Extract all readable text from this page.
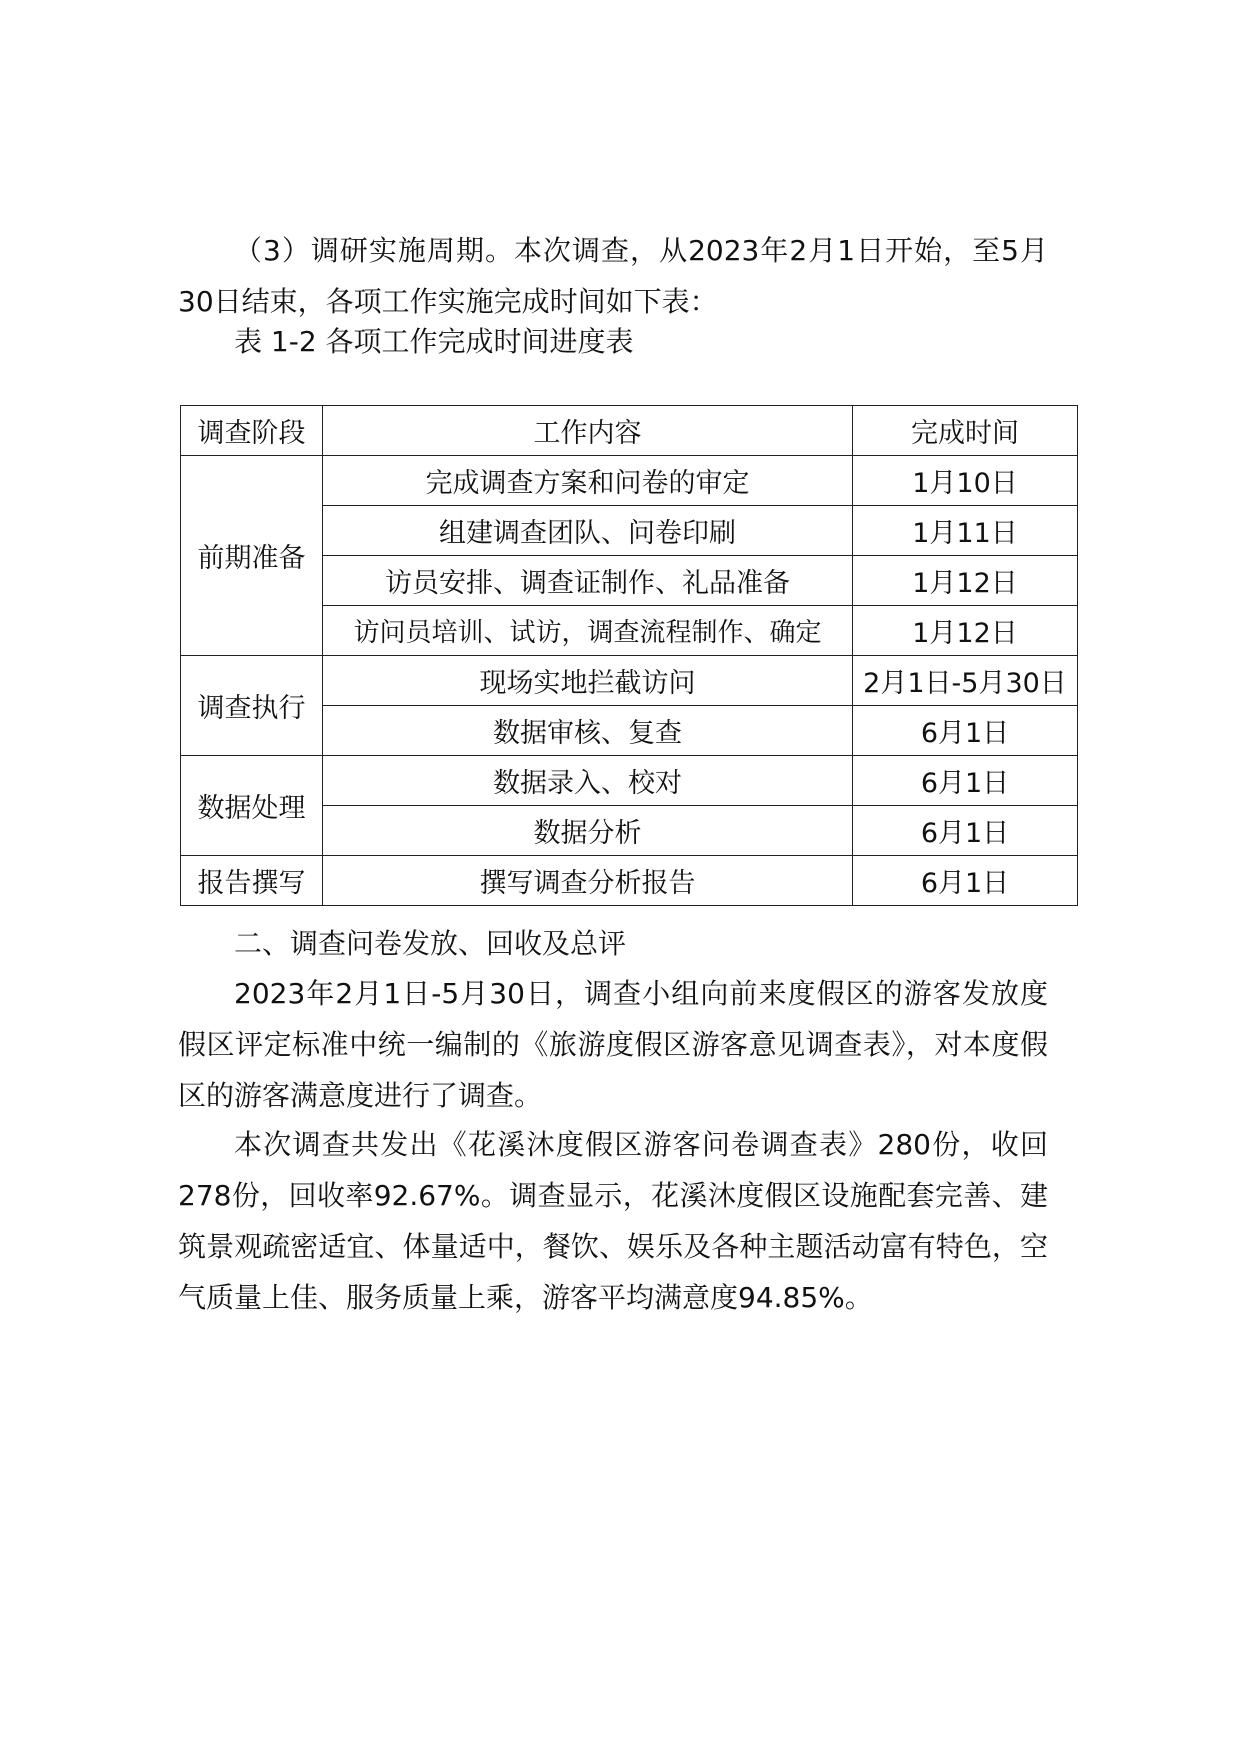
（3）调研实施周期。本次调查，从2023年2月1日开始，至5月30日结束，各项工作实施完成时间如下表：

表 1-2 各项工作完成时间进度表

调查阶段	工作内容	完成时间
前期准备	完成调查方案和问卷的审定	1月10日
	组建调查团队、问卷印刷	1月11日
	访员安排、调查证制作、礼品准备	1月12日
	访问员培训、试访，调查流程制作、确定	1月12日
调查执行	现场实地拦截访问	2月1日-5月30日
	数据审核、复查	6月1日
数据处理	数据录入、校对	6月1日
	数据分析	6月1日
报告撰写	撰写调查分析报告	6月1日

二、调查问卷发放、回收及总评

2023年2月1日-5月30日，调查小组向前来度假区的游客发放度假区评定标准中统一编制的《旅游度假区游客意见调查表》，对本度假区的游客满意度进行了调查。

本次调查共发出《花溪沐度假区游客问卷调查表》280份，收回278份，回收率92.67%。调查显示，花溪沐度假区设施配套完善、建筑景观疏密适宜、体量适中，餐饮、娱乐及各种主题活动富有特色，空气质量上佳、服务质量上乘，游客平均满意度94.85%。
